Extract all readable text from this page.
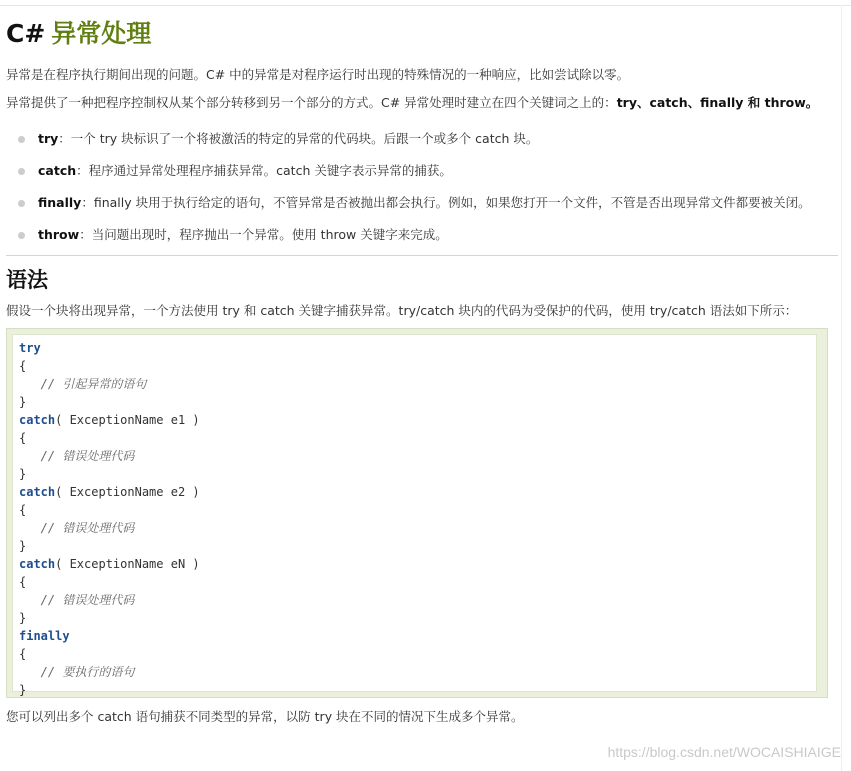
C# 异常处理

异常是在程序执行期间出现的问题。C# 中的异常是对程序运行时出现的特殊情况的一种响应，比如尝试除以零。

异常提供了一种把程序控制权从某个部分转移到另一个部分的方式。C# 异常处理时建立在四个关键词之上的：try、catch、finally 和 throw。

try：一个 try 块标识了一个将被激活的特定的异常的代码块。后跟一个或多个 catch 块。
catch：程序通过异常处理程序捕获异常。catch 关键字表示异常的捕获。
finally：finally 块用于执行给定的语句，不管异常是否被抛出都会执行。例如，如果您打开一个文件，不管是否出现异常文件都要被关闭。
throw：当问题出现时，程序抛出一个异常。使用 throw 关键字来完成。
语法

假设一个块将出现异常，一个方法使用 try 和 catch 关键字捕获异常。try/catch 块内的代码为受保护的代码，使用 try/catch 语法如下所示：

try
{
// 引起异常的语句
}
catch( ExceptionName e1 )
{
// 错误处理代码
}
catch( ExceptionName e2 )
{
// 错误处理代码
}
catch( ExceptionName eN )
{
// 错误处理代码
}
finally
{
// 要执行的语句
}

您可以列出多个 catch 语句捕获不同类型的异常，以防 try 块在不同的情况下生成多个异常。

https://blog.csdn.net/WOCAISHIAIGE
